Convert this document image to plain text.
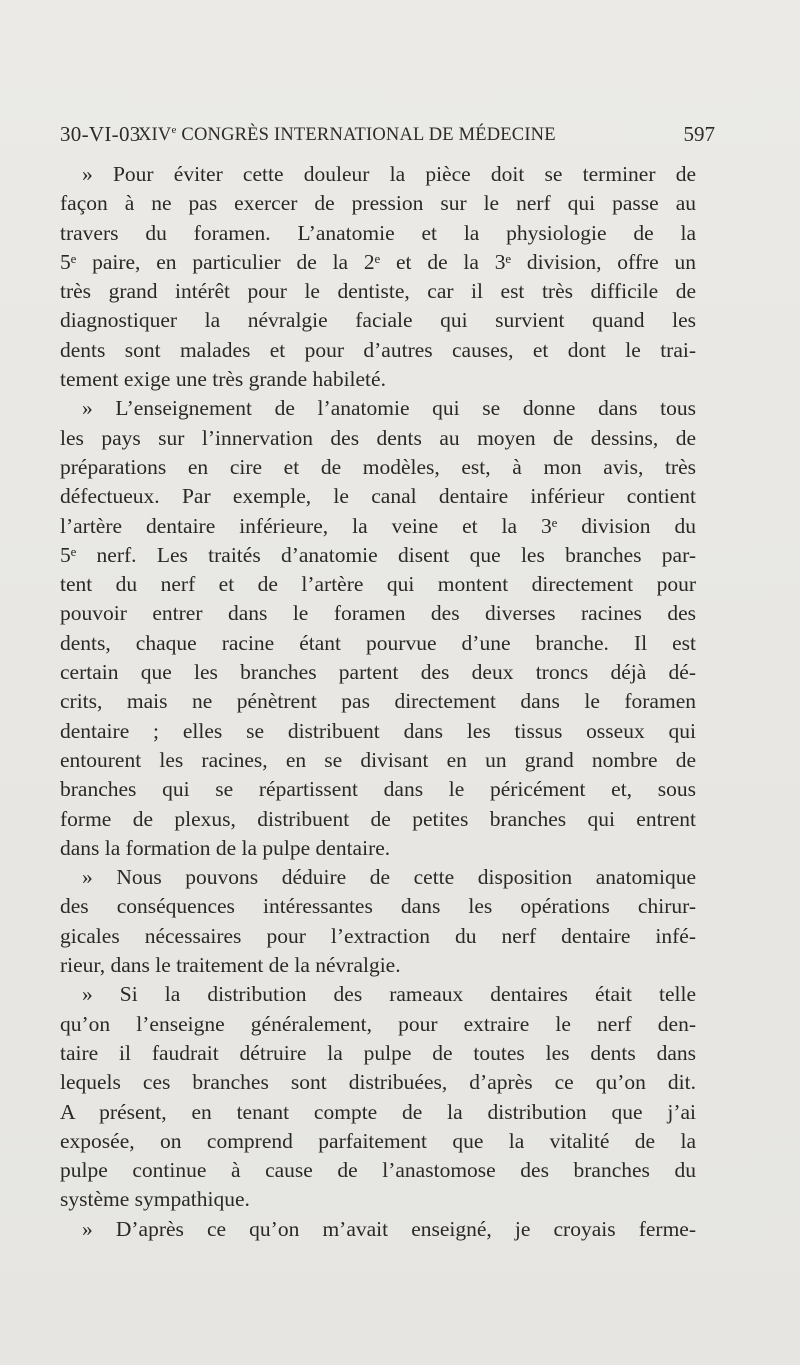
30-VI-03
XIVe CONGRÈS INTERNATIONAL DE MÉDECINE	597
» Pour éviter cette douleur la pièce doit se terminer de
façon à ne pas exercer de pression sur le nerf qui passe au
travers du foramen. L’anatomie et la physiologie de la
5ᵉ paire, en particulier de la 2ᵉ et de la 3ᵉ division, offre un
très grand intérêt pour le dentiste, car il est très difficile de
diagnostiquer la névralgie faciale qui survient quand les
dents sont malades et pour d’autres causes, et dont le trai-
tement exige une très grande habileté.
» L’enseignement de l’anatomie qui se donne dans tous
les pays sur l’innervation des dents au moyen de dessins, de
préparations en cire et de modèles, est, à mon avis, très
défectueux. Par exemple, le canal dentaire inférieur contient
l’artère dentaire inférieure, la veine et la 3ᵉ division du
5ᵉ nerf. Les traités d’anatomie disent que les branches par-
tent du nerf et de l’artère qui montent directement pour
pouvoir entrer dans le foramen des diverses racines des
dents, chaque racine étant pourvue d’une branche. Il est
certain que les branches partent des deux troncs déjà dé-
crits, mais ne pénètrent pas directement dans le foramen
dentaire ; elles se distribuent dans les tissus osseux qui
entourent les racines, en se divisant en un grand nombre de
branches qui se répartissent dans le péricément et, sous
forme de plexus, distribuent de petites branches qui entrent
dans la formation de la pulpe dentaire.
» Nous pouvons déduire de cette disposition anatomique
des conséquences intéressantes dans les opérations chirur-
gicales nécessaires pour l’extraction du nerf dentaire infé-
rieur, dans le traitement de la névralgie.
» Si la distribution des rameaux dentaires était telle
qu’on l’enseigne généralement, pour extraire le nerf den-
taire il faudrait détruire la pulpe de toutes les dents dans
lequels ces branches sont distribuées, d’après ce qu’on dit.
A présent, en tenant compte de la distribution que j’ai
exposée, on comprend parfaitement que la vitalité de la
pulpe continue à cause de l’anastomose des branches du
système sympathique.
» D’après ce qu’on m’avait enseigné, je croyais ferme-
